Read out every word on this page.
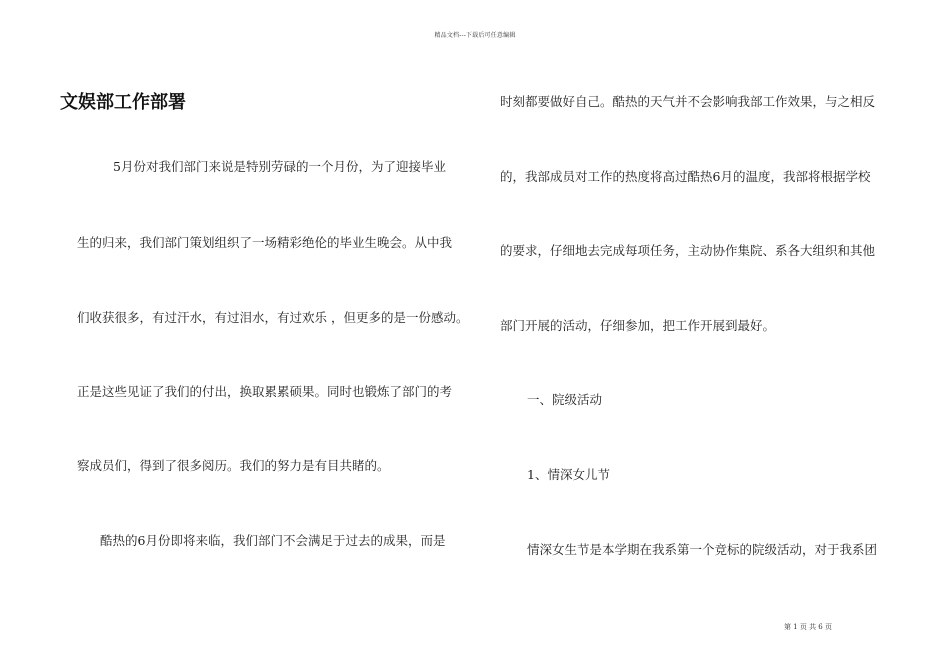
精品文档---下载后可任意编辑
文娱部工作部署
5月份对我们部门来说是特别劳碌的一个月份，为了迎接毕业
生的归来，我们部门策划组织了一场精彩绝伦的毕业生晚会。从中我
们收获很多，有过汗水，有过泪水，有过欢乐 ，但更多的是一份感动。
正是这些见证了我们的付出，换取累累硕果。同时也锻炼了部门的考
察成员们，得到了很多阅历。我们的努力是有目共睹的。
酷热的6月份即将来临，我们部门不会满足于过去的成果，而是
时刻都要做好自己。酷热的天气并不会影响我部工作效果，与之相反
的，我部成员对工作的热度将高过酷热6月的温度，我部将根据学校
的要求，仔细地去完成每项任务，主动协作集院、系各大组织和其他
部门开展的活动，仔细参加，把工作开展到最好。
一、院级活动
1、情深女儿节
情深女生节是本学期在我系第一个竞标的院级活动，对于我系团
第 1 页 共 6 页
